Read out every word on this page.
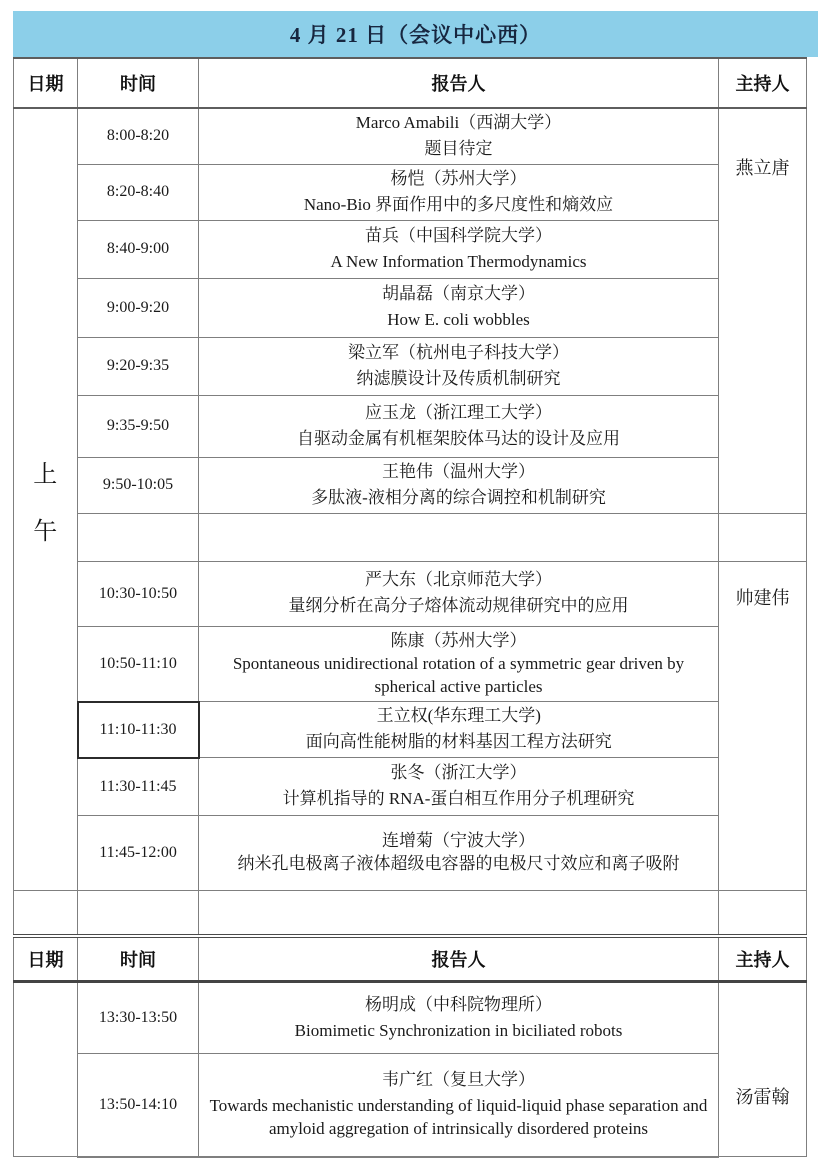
4 月 21 日（会议中心西）
日期	时间	报告人	主持人

上
午
	8:00-8:20	
Marco Amabili（西湖大学）
题目待定
	燕立唐
	8:20-8:40	杨恺（苏州大学）
Nano-Bio 界面作用中的多尺度性和熵效应	

	8:40-9:00	苗兵（中国科学院大学）
A New Information Thermodynamics	

	9:00-9:20	胡晶磊（南京大学）
How E. coli wobbles	

	9:20-9:35	梁立军（杭州电子科技大学）
纳滤膜设计及传质机制研究	

	9:35-9:50	应玉龙（浙江理工大学）
自驱动金属有机框架胶体马达的设计及应用	

	9:50-10:05	王艳伟（温州大学）
多肽液-液相分离的综合调控和机制研究	

	10:30-10:50	严大东（北京师范大学）
量纲分析在高分子熔体流动规律研究中的应用	帅建伟
	10:50-11:10	陈康（苏州大学）
Spontaneous unidirectional rotation of a symmetric gear driven by spherical active particles	

	11:10-11:30	王立权(华东理工大学)
面向高性能树脂的材料基因工程方法研究	

	11:30-11:45	张冬（浙江大学）
计算机指导的 RNA-蛋白相互作用分子机理研究	

	11:45-12:00	连增菊（宁波大学）
纳米孔电极离子液体超级电容器的电极尺寸效应和离子吸附	

日期	时间	报告人	主持人
	13:30-13:50	杨明成（中科院物理所）
Biomimetic Synchronization in biciliated robots	汤雷翰
	13:50-14:10	韦广红（复旦大学）
Towards mechanistic understanding of liquid-liquid phase separation and amyloid aggregation of intrinsically disordered proteins	
